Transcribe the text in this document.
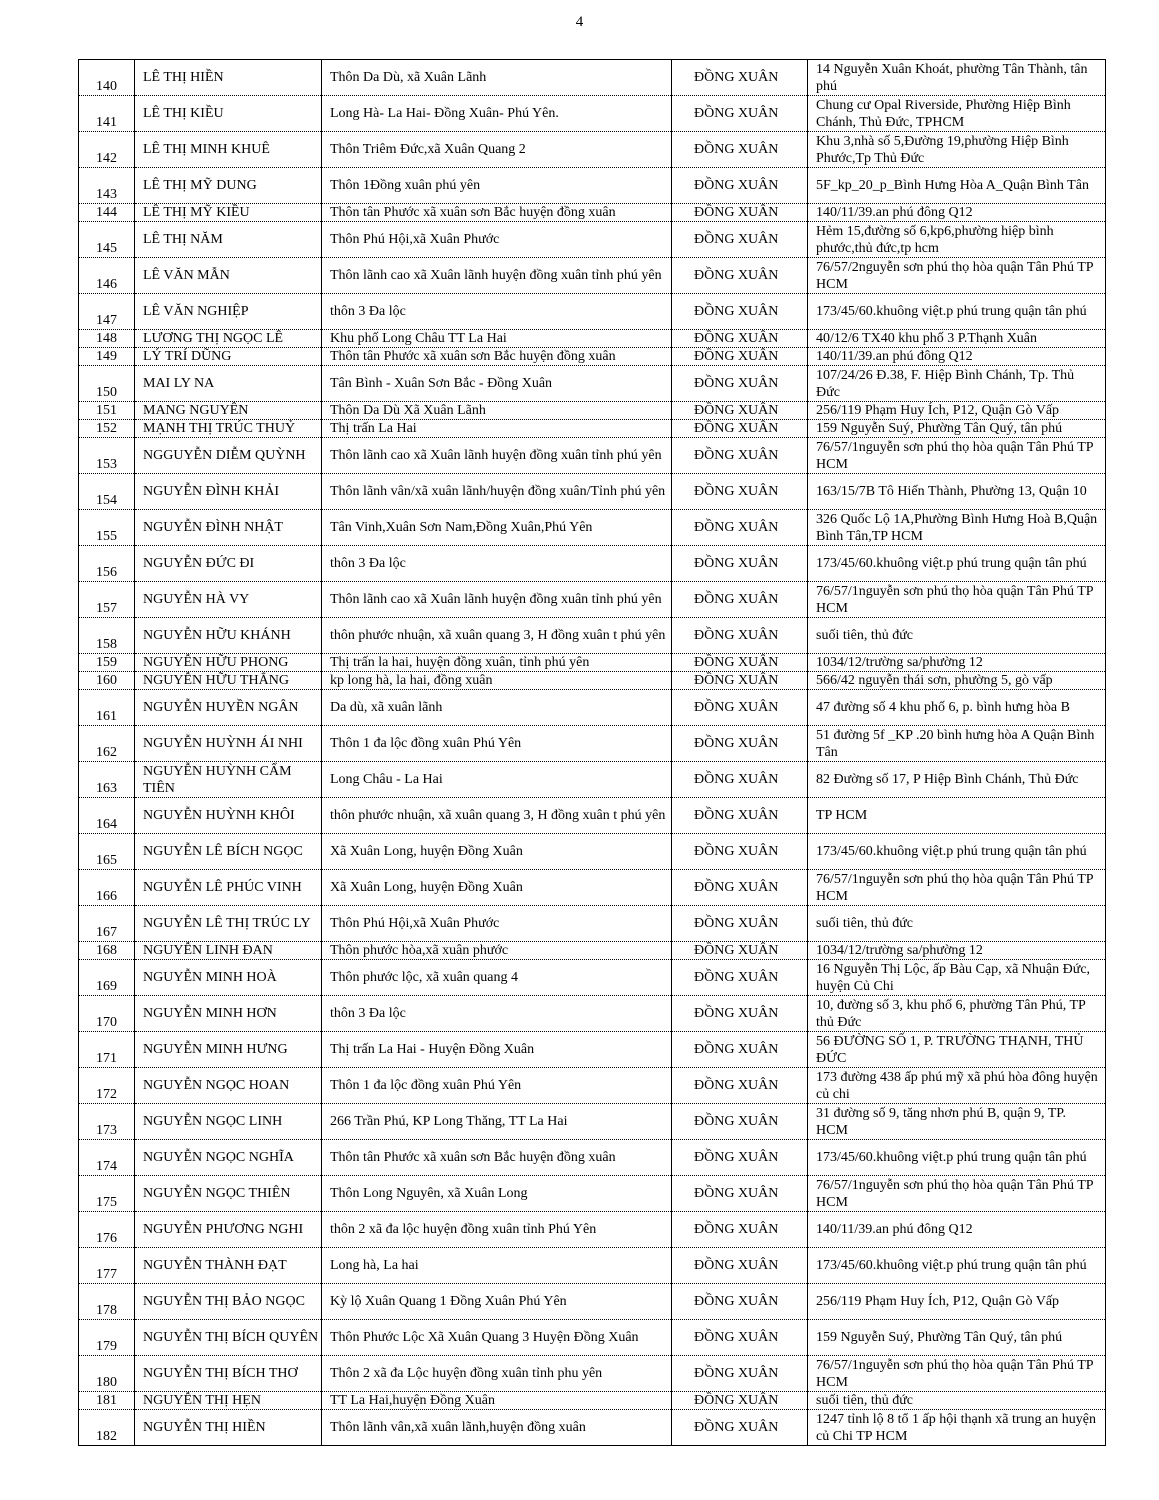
4
140	LÊ THỊ HIỀN	Thôn Da Dù, xã Xuân Lãnh	ĐỒNG XUÂN	14 Nguyễn Xuân Khoát, phường Tân Thành, tân phú
141	LÊ THỊ KIỀU	Long Hà- La Hai- Đồng Xuân- Phú Yên.	ĐỒNG XUÂN	Chung cư Opal Riverside, Phường Hiệp Bình Chánh, Thủ Đức, TPHCM
142	LÊ THỊ MINH KHUÊ	Thôn Triêm Đức,xã Xuân Quang 2	ĐỒNG XUÂN	Khu 3,nhà số 5,Đường 19,phường Hiệp Bình Phước,Tp Thủ Đức
143	LÊ THỊ MỸ DUNG	Thôn 1Đồng xuân phú yên	ĐỒNG XUÂN	5F_kp_20_p_Bình Hưng Hòa A_Quận Bình Tân
144	LÊ THỊ MỸ KIỀU	Thôn tân Phước xã xuân sơn Bắc huyện đồng xuân	ĐỒNG XUÂN	140/11/39.an phú đông Q12
145	LÊ THỊ NĂM	Thôn Phú Hội,xã Xuân Phước	ĐỒNG XUÂN	Hẻm 15,đường số 6,kp6,phường hiệp bình phước,thủ đức,tp hcm
146	LÊ VĂN MẪN	Thôn lãnh cao xã Xuân lãnh huyện đồng xuân tỉnh phú yên	ĐỒNG XUÂN	76/57/2nguyễn sơn phú thọ hòa quận Tân Phú TP HCM
147	LÊ VĂN NGHIỆP	thôn 3 Đa lộc	ĐỒNG XUÂN	173/45/60.khuông việt.p phú trung quận tân phú
148	LƯƠNG THỊ NGỌC LÊ	Khu phố Long Châu TT La Hai	ĐỒNG XUÂN	40/12/6 TX40 khu phố 3 P.Thạnh Xuân
149	LÝ TRÍ DŨNG	Thôn tân Phước xã xuân sơn Bắc huyện đồng xuân	ĐỒNG XUÂN	140/11/39.an phú đông Q12
150	MAI LY NA	Tân Bình - Xuân Sơn Bắc - Đồng Xuân	ĐỒNG XUÂN	107/24/26 Đ.38, F. Hiệp Bình Chánh, Tp. Thủ Đức
151	MANG NGUYÊN	Thôn Da Dù Xã Xuân Lãnh	ĐỒNG XUÂN	256/119 Phạm Huy Ích, P12, Quận Gò Vấp
152	MẠNH THỊ TRÚC THUỶ	Thị trấn La Hai	ĐỒNG XUÂN	159 Nguyễn Suý, Phường Tân Quý, tân phú
153	NGGUYỄN DIỄM QUỲNH	Thôn lãnh cao xã Xuân lãnh huyện đồng xuân tỉnh phú yên	ĐỒNG XUÂN	76/57/1nguyễn sơn phú thọ hòa quận Tân Phú TP HCM
154	NGUYỄN ĐÌNH KHẢI	Thôn lãnh vân/xã xuân lãnh/huyện đồng xuân/Tỉnh phú yên	ĐỒNG XUÂN	163/15/7B Tô Hiến Thành, Phường 13, Quận 10
155	NGUYỄN ĐÌNH NHẬT	Tân Vinh,Xuân Sơn Nam,Đồng Xuân,Phú Yên	ĐỒNG XUÂN	326 Quốc Lộ 1A,Phường Bình Hưng Hoà B,Quận Bình Tân,TP HCM
156	NGUYỄN ĐỨC ĐI	thôn 3 Đa lộc	ĐỒNG XUÂN	173/45/60.khuông việt.p phú trung quận tân phú
157	NGUYỄN HÀ VY	Thôn lãnh cao xã Xuân lãnh huyện đồng xuân tỉnh phú yên	ĐỒNG XUÂN	76/57/1nguyễn sơn phú thọ hòa quận Tân Phú TP HCM
158	NGUYỄN HỮU KHÁNH	thôn phước nhuận, xã xuân quang 3, H đồng xuân t phú yên	ĐỒNG XUÂN	suối tiên, thủ đức
159	NGUYỄN HỮU PHONG	Thị trấn la hai, huyện đồng xuân, tỉnh phú yên	ĐỒNG XUÂN	1034/12/trường sa/phường 12
160	NGUYỄN HỮU THẮNG	kp long hà, la hai, đồng xuân	ĐỒNG XUÂN	566/42 nguyễn thái sơn, phường 5, gò vấp
161	NGUYỄN HUYỀN NGÂN	Da dù, xã xuân lãnh	ĐỒNG XUÂN	47 đường số 4 khu phố 6, p. bình hưng hòa B
162	NGUYỄN HUỲNH ÁI NHI	Thôn 1 đa lộc đồng xuân Phú Yên	ĐỒNG XUÂN	51 đường 5f _KP .20 bình hưng hòa A Quận Bình Tân
163	NGUYỄN HUỲNH CẨM TIÊN	Long Châu - La Hai	ĐỒNG XUÂN	82 Đường số 17, P Hiệp Bình Chánh, Thủ Đức
164	NGUYỄN HUỲNH KHÔI	thôn phước nhuận, xã xuân quang 3, H đồng xuân t phú yên	ĐỒNG XUÂN	TP HCM
165	NGUYỄN LÊ BÍCH NGỌC	Xã Xuân Long, huyện Đồng Xuân	ĐỒNG XUÂN	173/45/60.khuông việt.p phú trung quận tân phú
166	NGUYỄN LÊ PHÚC VINH	Xã Xuân Long, huyện Đồng Xuân	ĐỒNG XUÂN	76/57/1nguyễn sơn phú thọ hòa quận Tân Phú TP HCM
167	NGUYỄN LÊ THỊ TRÚC LY	Thôn Phú Hội,xã Xuân Phước	ĐỒNG XUÂN	suối tiên, thủ đức
168	NGUYỄN LINH ĐAN	Thôn phước hòa,xã xuân phước	ĐỒNG XUÂN	1034/12/trường sa/phường 12
169	NGUYỄN MINH HOÀ	Thôn phước lộc, xã xuân quang 4	ĐỒNG XUÂN	16 Nguyễn Thị Lộc, ấp Bàu Cạp, xã Nhuận Đức, huyện Củ Chi
170	NGUYỄN MINH HƠN	thôn 3 Đa lộc	ĐỒNG XUÂN	10, đường số 3, khu phố 6, phường Tân Phú, TP thủ Đức
171	NGUYỄN MINH HƯNG	Thị trấn La Hai - Huyện Đồng Xuân	ĐỒNG XUÂN	56 ĐƯỜNG SỐ 1, P. TRƯỜNG THẠNH, THỦ ĐỨC
172	NGUYỄN NGỌC HOAN	Thôn 1 đa lộc đồng xuân Phú Yên	ĐỒNG XUÂN	173 đường 438 ấp phú mỹ xã phú hòa đông huyện củ chi
173	NGUYỄN NGỌC LINH	266 Trần Phú, KP Long Thăng, TT La Hai	ĐỒNG XUÂN	31 đường số 9, tăng nhơn phú B, quận 9, TP. HCM
174	NGUYỄN NGỌC NGHĨA	Thôn tân Phước xã xuân sơn Bắc huyện đồng xuân	ĐỒNG XUÂN	173/45/60.khuông việt.p phú trung quận tân phú
175	NGUYỄN NGỌC THIÊN	Thôn Long Nguyên, xã Xuân Long	ĐỒNG XUÂN	76/57/1nguyễn sơn phú thọ hòa quận Tân Phú TP HCM
176	NGUYỄN PHƯƠNG NGHI	thôn 2 xã đa lộc huyện đồng xuân tỉnh Phú Yên	ĐỒNG XUÂN	140/11/39.an phú đông Q12
177	NGUYỄN THÀNH ĐẠT	Long hà, La hai	ĐỒNG XUÂN	173/45/60.khuông việt.p phú trung quận tân phú
178	NGUYỄN THỊ BẢO NGỌC	Kỳ lộ Xuân Quang 1 Đồng Xuân Phú Yên	ĐỒNG XUÂN	256/119 Phạm Huy Ích, P12, Quận Gò Vấp
179	NGUYỄN THỊ BÍCH QUYÊN	Thôn Phước Lộc Xã Xuân Quang 3 Huyện Đồng Xuân	ĐỒNG XUÂN	159 Nguyễn Suý, Phường Tân Quý, tân phú
180	NGUYỄN THỊ BÍCH THƠ	Thôn 2 xã đa Lộc huyện đồng xuân tỉnh phu yên	ĐỒNG XUÂN	76/57/1nguyễn sơn phú thọ hòa quận Tân Phú TP HCM
181	NGUYỄN THỊ HẸN	TT La Hai,huyện Đồng Xuân	ĐỒNG XUÂN	suối tiên, thủ đức
182	NGUYỄN THỊ HIỀN	Thôn lãnh vân,xã xuân lãnh,huyện đồng xuân	ĐỒNG XUÂN	1247 tỉnh lộ 8 tổ 1 ấp hội thạnh xã trung an huyện củ Chi TP HCM
